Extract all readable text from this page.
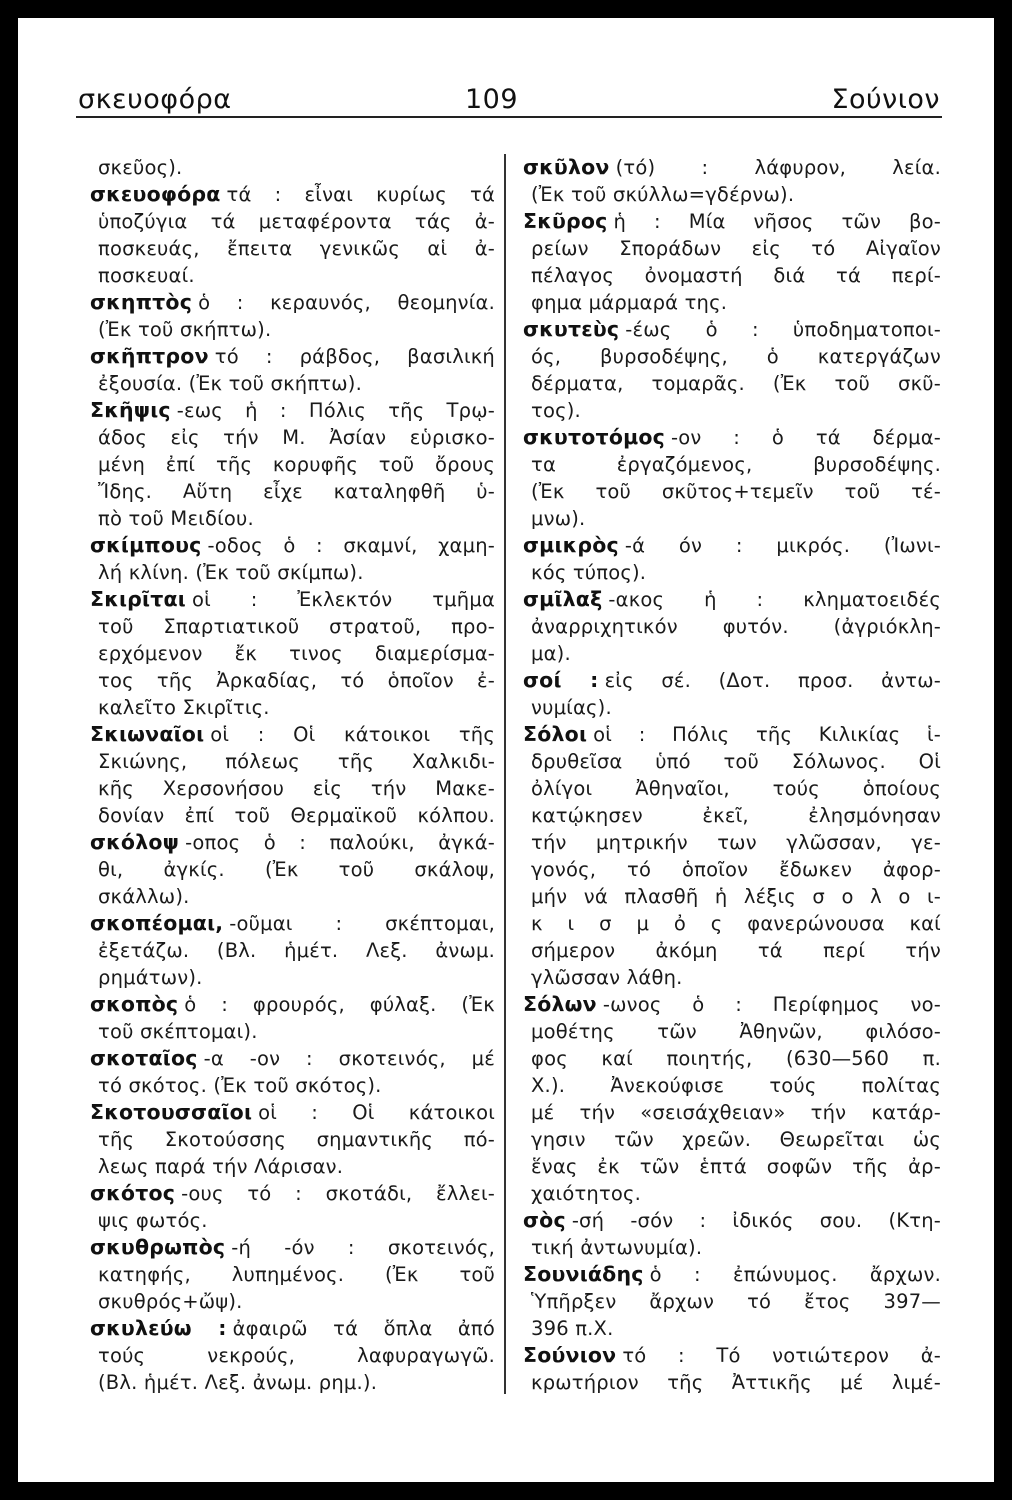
σκευοφόρα	109	Σούνιον
σκεῦος).
σκευοφόρα τά : εἶναι κυρίως τά
ὑποζύγια τά μεταφέροντα τάς ἀ-
ποσκευάς, ἔπειτα γενικῶς αἱ ἀ-
ποσκευαί.
σκηπτὸς ὁ : κεραυνός, θεομηνία.
(Ἐκ τοῦ σκήπτω).
σκῆπτρον τό : ράβδος, βασιλική
ἐξουσία. (Ἐκ τοῦ σκήπτω).
Σκῆψις -εως ἡ : Πόλις τῆς Τρῳ-
άδος εἰς τήν Μ. Ἀσίαν εὑρισκο-
μένη ἐπί τῆς κορυφῆς τοῦ ὄρους
Ἴδης. Αὕτη εἶχε καταληφθῆ ὑ-
πὸ τοῦ Μειδίου.
σκίμπους -οδος ὁ : σκαμνί, χαμη-
λή κλίνη. (Ἐκ τοῦ σκίμπω).
Σκιρῖται οἱ : Ἐκλεκτόν τμῆμα
τοῦ Σπαρτιατικοῦ στρατοῦ, προ-
ερχόμενον ἔκ τινος διαμερίσμα-
τος τῆς Ἀρκαδίας, τό ὁποῖον ἐ-
καλεῖτο Σκιρῖτις.
Σκιωναῖοι οἱ : Οἱ κάτοικοι τῆς
Σκιώνης, πόλεως τῆς Χαλκιδι-
κῆς Χερσονήσου εἰς τήν Μακε-
δονίαν ἐπί τοῦ Θερμαϊκοῦ κόλπου.
σκόλοψ -οπος ὁ : παλούκι, ἀγκά-
θι, ἀγκίς. (Ἐκ τοῦ σκάλοψ,
σκάλλω).
σκοπέομαι, -οῦμαι : σκέπτομαι,
ἐξετάζω. (Βλ. ἡμέτ. Λεξ. ἀνωμ.
ρημάτων).
σκοπὸς ὁ : φρουρός, φύλαξ. (Ἐκ
τοῦ σκέπτομαι).
σκοταῖος -α -ον : σκοτεινός, μέ
τό σκότος. (Ἐκ τοῦ σκότος).
Σκοτουσσαῖοι οἱ : Οἱ κάτοικοι
τῆς Σκοτούσσης σημαντικῆς πό-
λεως παρά τήν Λάρισαν.
σκότος -ους τό : σκοτάδι, ἔλλει-
ψις φωτός.
σκυθρωπὸς -ή -όν : σκοτεινός,
κατηφής, λυπημένος. (Ἐκ τοῦ
σκυθρός+ὤψ).
σκυλεύω : ἀφαιρῶ τά ὅπλα ἀπό
τούς νεκρούς, λαφυραγωγῶ.
(Βλ. ἡμέτ. Λεξ. ἀνωμ. ρημ.).
σκῦλον (τό) : λάφυρον, λεία.
(Ἐκ τοῦ σκύλλω=γδέρνω).
Σκῦρος ἡ : Μία νῆσος τῶν βο-
ρείων Σποράδων εἰς τό Αἰγαῖον
πέλαγος ὀνομαστή διά τά περί-
φημα μάρμαρά της.
σκυτεὺς -έως ὁ : ὑποδηματοποι-
ός, βυρσοδέψης, ὁ κατεργάζων
δέρματα, τομαρᾶς. (Ἐκ τοῦ σκῦ-
τος).
σκυτοτόμος -ον : ὁ τά δέρμα-
τα ἐργαζόμενος, βυρσοδέψης.
(Ἐκ τοῦ σκῦτος+τεμεῖν τοῦ τέ-
μνω).
σμικρὸς -ά όν : μικρός. (Ἰωνι-
κός τύπος).
σμῖλαξ -ακος ἡ : κληματοειδές
ἀναρριχητικόν φυτόν. (ἀγριόκλη-
μα).
σοί : εἰς σέ. (Δοτ. προσ. ἀντω-
νυμίας).
Σόλοι οἱ : Πόλις τῆς Κιλικίας ἱ-
δρυθεῖσα ὑπό τοῦ Σόλωνος. Οἱ
ὀλίγοι Ἀθηναῖοι, τούς ὁποίους
κατῴκησεν ἐκεῖ, ἐλησμόνησαν
τήν μητρικήν των γλῶσσαν, γε-
γονός, τό ὁποῖον ἔδωκεν ἀφορ-
μήν νά πλασθῆ ἡ λέξις σ ο λ ο ι-
κ ι σ μ ὀ ς φανερώνουσα καί
σήμερον ἀκόμη τά περί τήν
γλῶσσαν λάθη.
Σόλων -ωνος ὁ : Περίφημος νο-
μοθέτης τῶν Ἀθηνῶν, φιλόσο-
φος καί ποιητής, (630—560 π.
Χ.). Ἀνεκούφισε τούς πολίτας
μέ τήν «σεισάχθειαν» τήν κατάρ-
γησιν τῶν χρεῶν. Θεωρεῖται ὡς
ἕνας ἐκ τῶν ἑπτά σοφῶν τῆς ἀρ-
χαιότητος.
σὸς -σή -σόν : ἰδικός σου. (Κτη-
τική ἀντωνυμία).
Σουνιάδης ὁ : ἐπώνυμος. ἄρχων.
Ὑπῆρξεν ἄρχων τό ἔτος 397—
396 π.Χ.
Σούνιον τό : Τό νοτιώτερον ἀ-
κρωτήριον τῆς Ἀττικῆς μέ λιμέ-
